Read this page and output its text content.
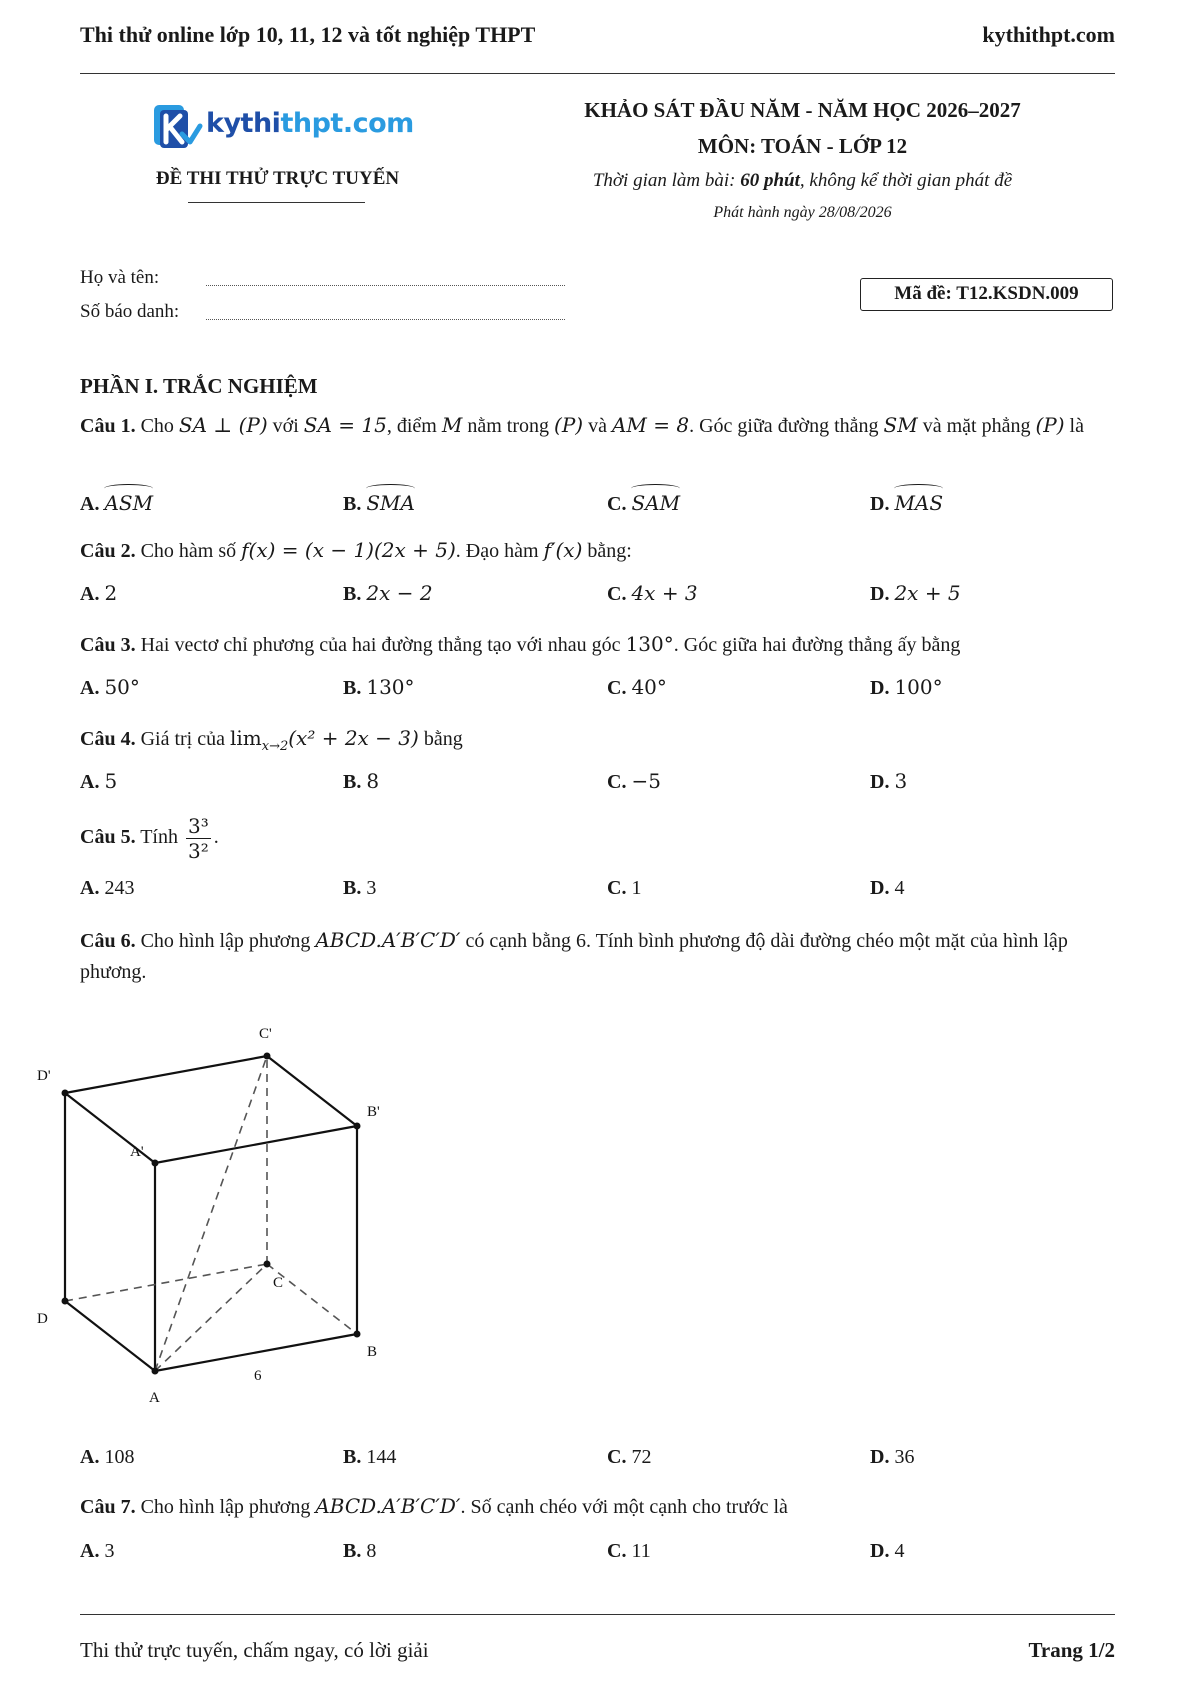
Thi thử online lớp 10, 11, 12 và tốt nghiệp THPT	kythithpt.com
kythithpt.com
ĐỀ THI THỬ TRỰC TUYẾN
KHẢO SÁT ĐẦU NĂM - NĂM HỌC 2026–2027
MÔN: TOÁN - LỚP 12
Thời gian làm bài: 60 phút, không kể thời gian phát đề
Phát hành ngày 28/08/2026
Họ và tên:
Số báo danh:
Mã đề: T12.KSDN.009
PHẦN I. TRẮC NGHIỆM
Câu 1. Cho SA ⊥ (P) với SA = 15, điểm M nằm trong (P) và AM = 8. Góc giữa đường thẳng SM và mặt phẳng (P) là
A. ASM	B. SMA	C. SAM	D. MAS
Câu 2. Cho hàm số f(x) = (x − 1)(2x + 5). Đạo hàm f′(x) bằng:
A. 2	B. 2x − 2	C. 4x + 3	D. 2x + 5
Câu 3. Hai vectơ chỉ phương của hai đường thẳng tạo với nhau góc 130°. Góc giữa hai đường thẳng ấy bằng
A. 50°	B. 130°	C. 40°	D. 100°
Câu 4. Giá trị của $\lim_{x\to 2}(x^2 + 2x - 3)$ bằng
A. 5	B. 8	C. −5	D. 3
Câu 5. Tính $\frac{\text{3³}}{\text{3²}}$ .
A. 243	B. 3	C. 1	D. 4
Câu 6. Cho hình lập phương ABCD.A′B′C′D′ có cạnh bằng 6. Tính bình phương độ dài đường chéo một mặt của hình lập phương.
A
B
C
D
A'
B'
C'
D'
6
A. 108	B. 144	C. 72	D. 36
Câu 7. Cho hình lập phương ABCD.A′B′C′D′. Số cạnh chéo với một cạnh cho trước là
A. 3	B. 8	C. 11	D. 4
Thi thử trực tuyến, chấm ngay, có lời giải	Trang 1/2
